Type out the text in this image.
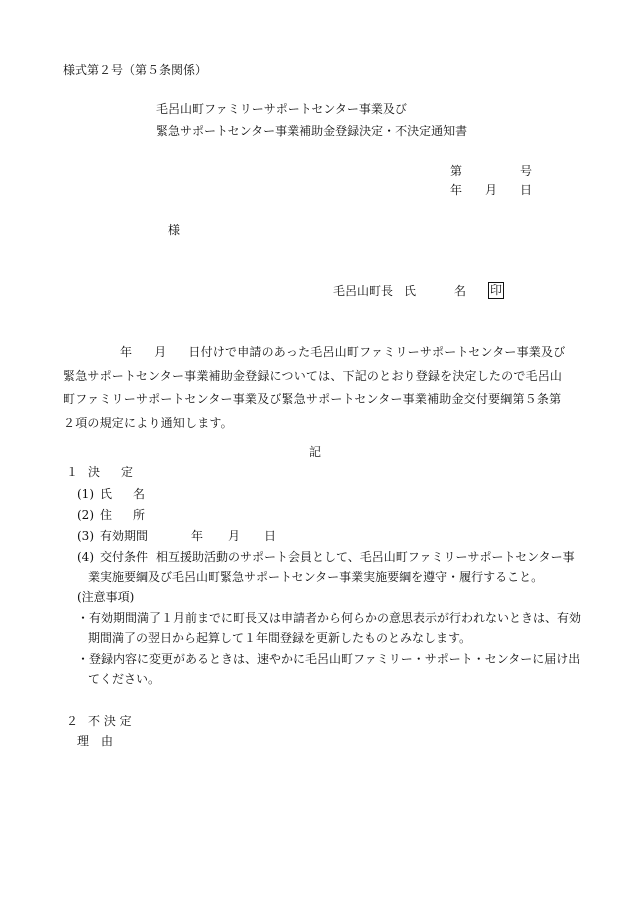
様式第２号（第５条関係）
毛呂山町ファミリーサポートセンター事業及び
緊急サポートセンター事業補助金登録決定・不決定通知書
第	号
年 月 日
様
毛呂山町長 氏	名 印
年 月 日付けで申請のあった毛呂山町ファミリーサポートセンター事業及び緊急サポートセンター事業補助金登録については、下記のとおり登録を決定したので毛呂山町ファミリーサポートセンター事業及び緊急サポートセンター事業補助金交付要綱第５条第２項の規定により通知します。
記
１ 決 定
(1) 氏 名
(2) 住 所
(3) 有効期間	年 月 日
(4) 交付条件 相互援助活動のサポート会員として、毛呂山町ファミリーサポートセンター事
業実施要綱及び毛呂山町緊急サポートセンター事業実施要綱を遵守・履行すること。
(注意事項)
・有効期間満了１月前までに町長又は申請者から何らかの意思表示が行われないときは、有効
期間満了の翌日から起算して１年間登録を更新したものとみなします。
・登録内容に変更があるときは、速やかに毛呂山町ファミリー・サポート・センターに届け出
てください。
２ 不 決 定
理　由
